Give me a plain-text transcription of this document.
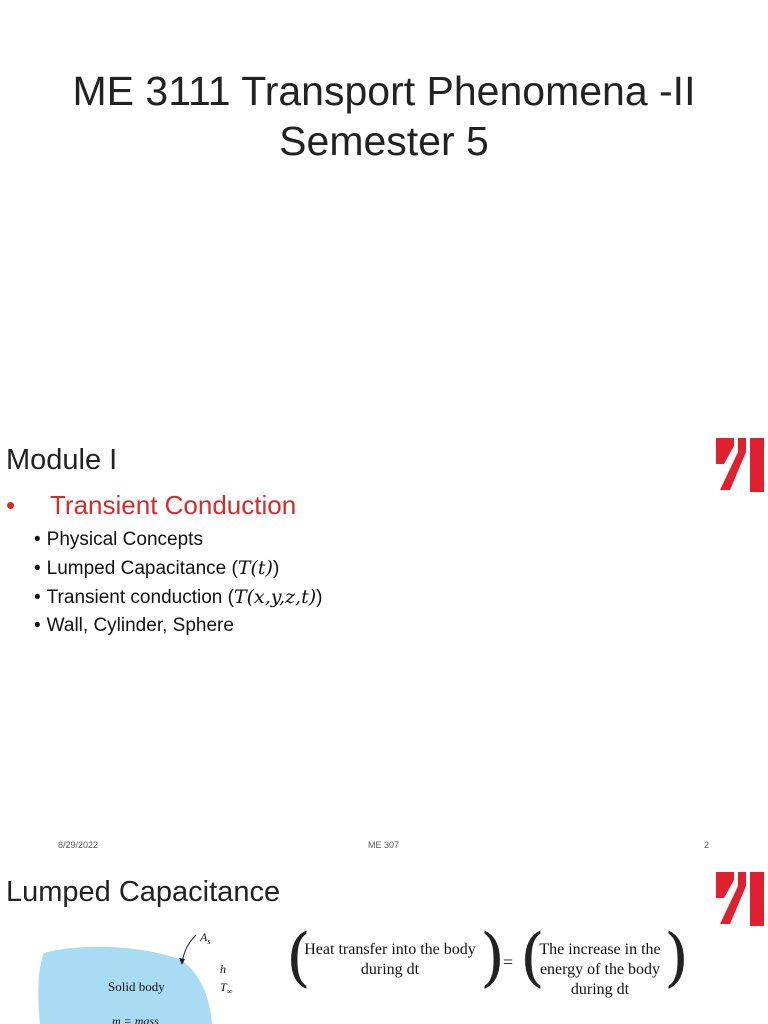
ME 3111 Transport Phenomena -II
Semester 5
Module I
• Transient Conduction
• Physical Concepts
• Lumped Capacitance (T(t))
• Transient conduction (T(x,y,z,t))
• Wall, Cylinder, Sphere
8/29/2022	ME 307	2
Lumped Capacitance
$A_s$
h
$T_\infty$
Solid body
m = mass
(
Heat transfer into the body
during dt )
= (
The increase in the
energy of the body
during dt )
